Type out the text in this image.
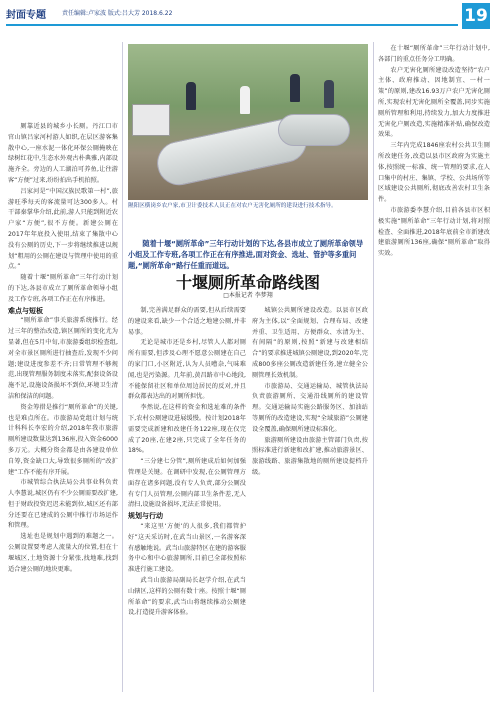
封面专题	责任编辑:卢家波 版式:吕大芳 2018.6.22	19

厕靠近县的城乡小长厕。丹江口市官山镇吕家河村游人如织,在层区游客集散中心,一座水泥一体化环保公厕掩映在绿树红花中,生态水外观古朴典雅,内部设施齐全。旁边的人工湖泊可养鱼,让往游客“方便”过来,纷纷拍出手机拍照。

吕家河是“中国汉族民歌第一村”,旅游旺季每天的客流量可达300多人。村干部秦掌华介绍,此前,游人只能到附近农户家“方便”,很不方便。新建公厕在2017年年底投入使用,结束了集散中心没有公厕的历史,下一步将继续推进以规划“粗用的公厕在建设与管理中使用的重点。”

随着十堰“厕所革命”三年行动计划的下达,各县市成立了厕所革命领导小组及工作专班,各项工作正在有序推进。

难点与短板

“厕所革命”事关旅游系统推行。经过三年的整治改造,镇区厕所的变化尤为显著,但在5月中旬,市旅游委组织检查组,对全市景区厕所进行抽查后,发现不少问题;建设进度参差不齐;日常管理不够规范,出现管理服务制度未落实,配套设备设施不足,设施设备损坏不到位,环境卫生清洁和保洁的问题。

资金筹措是推行“厕所革命”的关键,也是难点所在。市旅游局党组计划与统计科科长李宏的介绍,2018年我市旅游厕所建设数量达到136座,投入资金6000多万元。大概分资金都是由各建设单位自筹,资金缺口大,导致很多厕所的“改扩建”工作不能有序开展。

市城管综合执法局公共事业科负责人李慧说,城区仍有不少公厕需要改扩建,但于财政投资迟迟未能到位,城区还有部分还要在已建成的公厕中推行市场运作和管理。

选址也是规划中遇到的难题之一。公厕设置要考虑人流量大的位置,但在十堰城区,土地资源十分紧张,找地难,找到适合建公厕的地块更难。

隰阳区横岗乡农户家,市卫计委技术人员正在对农户无害化厕所的建设进行技术指导。
随着十堰“厕所革命”三年行动计划的下达,各县市成立了厕所革命领导小组及工作专班,各项工作正在有序推进,面对资金、选址、管护等多重问题,“厕所革命”路行任重而道远。
十堰厕所革命路线图
□本报记者 李梦翔

制,完善满足群众的需要,但从后续需要的建设来看,缺少一个合适之地建公厕,并非易事。

无论是城市还是乡村,尽管人人都对厕所有需要,但涉及心理不愿意公厕建在自己的家门口,小区附近,认为人员嘈杂,气味难闻,也是污染源。几年前,黄昌路市中心地段,不能保留社区和单位周边居民的反对,并且群众都表达出的对厕所担忧。

李然说,在这样的资金和选址难的条件下,农村公厕建设进展缓慢。按计划2018年需要完成新建和改建任务122座,现在仅完成了20座,在建2座,只完成了全年任务的18%。

“三分建七分管”,厕所建成后如何加强管理是关键。在调研中发现,在公厕管理方面存在诸多问题,没有专人负责,部分公厕没有专门人员管理,公厕内部卫生条件差,无人清扫,设施设备损坏,无法正常使用。

规划与行动

“来这里‘方便’的人很多,我们都管护好”这天采访时,在武当山景区,一名游客深有感触地说。武当山旅游特区在建的游客服务中心和中心旅游厕所,目前已全部按照标准进行施工建设。

武当山旅游局副局长赵学介绍,在武当山辖区,这样的公厕有数十座。按照十堰“厕所革命”的要求,武当山将继续推动公厕建设,打造提升游客体验。

城镇公共厕所建设改造。以县市区政府为主体,以“全面规划、合理布局、改建并重、卫生适用、方便群众、水清为主、有间隔”的原则,按照“新建与改建相结合”的要求推进城镇公厕建设,到2020年,完成800多座公厕改造新建任务,建立健全公厕管理长效机制。

市旅游局、交通运输局、城管执法局负责旅游厕所、交通沿线厕所的建设管理。交通运输局实施公路服务区、加油站等厕所的改造建设,实现“全域旅游”公厕建设全覆盖,确保厕所建设标准化。

旅游厕所建设由旅游主管部门负责,按照标准进行新建和改扩建,推动旅游景区、旅游线路、旅游集散地的厕所建设提档升级。

在十堰“厕所革命”三年行动计划中,各部门的重点任务分工明确。

农户无害化厕所建设改造坚持“农户主体、政府推动、因地制宜、一村一策”的原则,建改16.93万户农户无害化厕所,实现农村无害化厕所全覆盖,同步实施厕所管理和利用,持续发力,加大力度推进无害化户厕改造,实施精准补贴,确保改造效果。

三年内完成1846座农村公共卫生厕所改建任务,改造以县市区政府为实施主体,按照统一标准、统一管理的要求,在人口集中的村庄、集镇、学校、公共场所等区域建设公共厕所,彻底改善农村卫生条件。

市旅游委李慧介绍,目前各县市区积极实施“厕所革命”三年行动计划,将对照检查、全面推进,2018年底前全市新建改建旅游厕所136座,确保“厕所革命”取得实效。
